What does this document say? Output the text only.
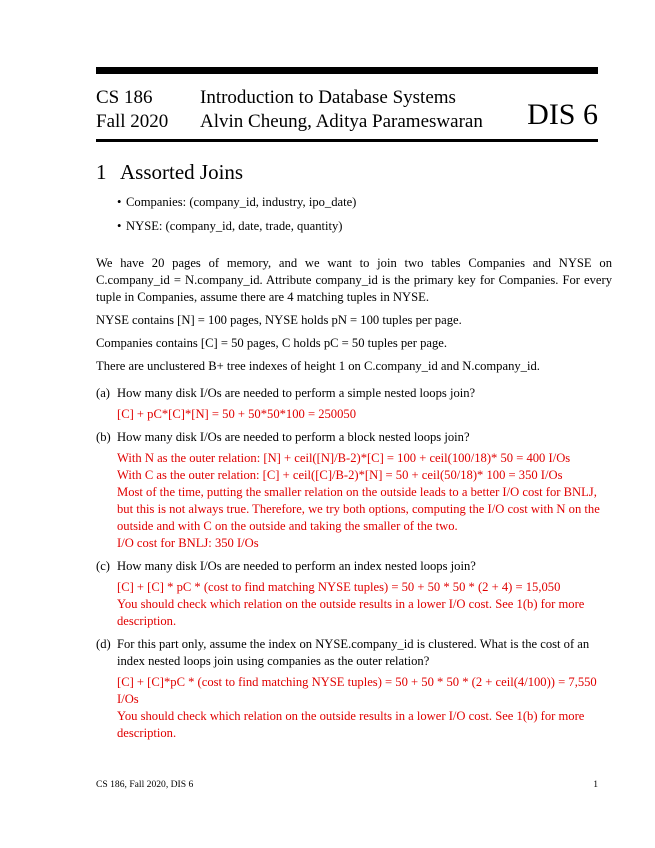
CS 186
Fall 2020
Introduction to Database Systems
Alvin Cheung, Aditya Parameswaran DIS 6
1 Assorted Joins
• Companies: (company_id, industry, ipo_date)
• NYSE: (company_id, date, trade, quantity)

We have 20 pages of memory, and we want to join two tables Companies and NYSE on C.company_id = N.company_id. Attribute company_id is the primary key for Companies. For every tuple in Companies, assume there are 4 matching tuples in NYSE.

NYSE contains [N] = 100 pages, NYSE holds pN = 100 tuples per page.

Companies contains [C] = 50 pages, C holds pC = 50 tuples per page.

There are unclustered B+ tree indexes of height 1 on C.company_id and N.company_id.

(a) How many disk I/Os are needed to perform a simple nested loops join?

[C] + pC*[C]*[N] = 50 + 50*50*100 = 250050
(b) How many disk I/Os are needed to perform a block nested loops join?

With N as the outer relation: [N] + ceil([N]/B-2)*[C] = 100 + ceil(100/18)* 50 = 400 I/Os
With C as the outer relation: [C] + ceil([C]/B-2)*[N] = 50 + ceil(50/18)* 100 = 350 I/Os
Most of the time, putting the smaller relation on the outside leads to a better I/O cost for BNLJ, but this is not always true. Therefore, we try both options, computing the I/O cost with N on the outside and with C on the outside and taking the smaller of the two.
I/O cost for BNLJ: 350 I/Os
(c) How many disk I/Os are needed to perform an index nested loops join?

[C] + [C] * pC * (cost to find matching NYSE tuples) = 50 + 50 * 50 * (2 + 4) = 15,050
You should check which relation on the outside results in a lower I/O cost. See 1(b) for more description.
(d) For this part only, assume the index on NYSE.company_id is clustered. What is the cost of an index nested loops join using companies as the outer relation?

[C] + [C]*pC * (cost to find matching NYSE tuples) = 50 + 50 * 50 * (2 + ceil(4/100)) = 7,550 I/Os
You should check which relation on the outside results in a lower I/O cost. See 1(b) for more description.
CS 186, Fall 2020, DIS 6	1
